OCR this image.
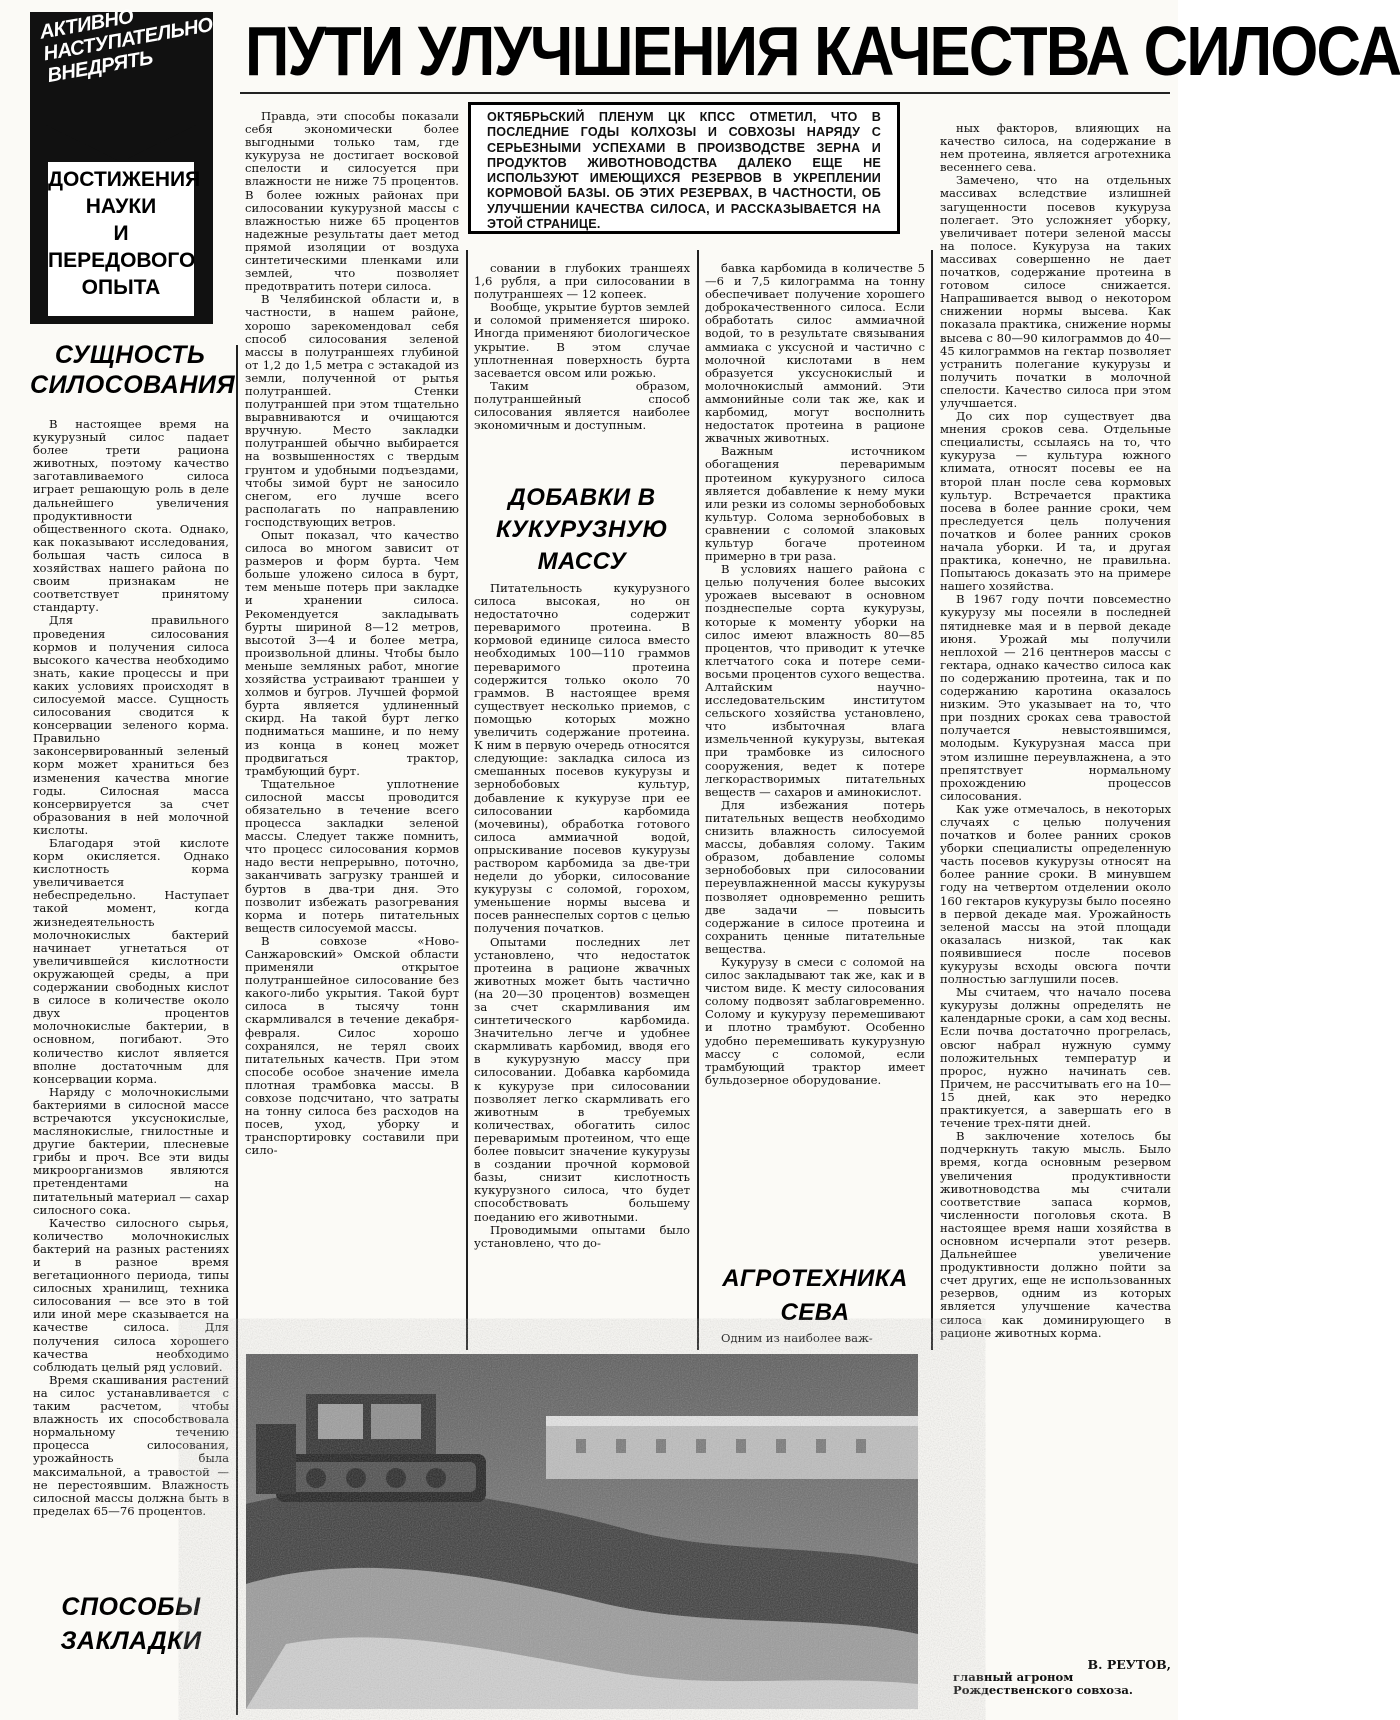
АКТИВНО НАСТУПАТЕЛЬНО ВНЕДРЯТЬ
ДОСТИЖЕНИЯ
НАУКИ
И
ПЕРЕДОВОГО
ОПЫТА
ПУТИ УЛУЧШЕНИЯ КАЧЕСТВА СИЛОСА
ОКТЯБРЬСКИЙ ПЛЕНУМ ЦК КПСС ОТМЕТИЛ, ЧТО В ПОСЛЕДНИЕ ГОДЫ КОЛХОЗЫ И СОВХОЗЫ НАРЯДУ С СЕРЬЕЗНЫМИ УСПЕХАМИ В ПРОИЗВОДСТВЕ ЗЕРНА И ПРОДУКТОВ ЖИВОТНОВОДСТВА ДАЛЕКО ЕЩЕ НЕ ИСПОЛЬЗУЮТ ИМЕЮЩИХСЯ РЕЗЕРВОВ В УКРЕПЛЕНИИ КОРМОВОЙ БАЗЫ. ОБ ЭТИХ РЕЗЕРВАХ, В ЧАСТНОСТИ, ОБ УЛУЧШЕНИИ КАЧЕСТВА СИЛОСА, И РАССКАЗЫВАЕТСЯ НА ЭТОЙ СТРАНИЦЕ.
СУЩНОСТЬ
СИЛОСОВАНИЯ

В настоящее время на кукурузный силос падает более трети рациона животных, поэтому качество заготавливаемого силоса играет решающую роль в деле дальнейшего увеличения продуктивности общественного скота. Однако, как показывают исследования, большая часть силоса в хозяйствах нашего района по своим признакам не соответствует принятому стандарту.

Для правильного проведения силосования кормов и получения силоса высокого качества необходимо знать, какие процессы и при каких условиях происходят в силосуемой массе. Сущность силосования сводится к консервации зеленого корма. Правильно законсервированный зеленый корм может храниться без изменения качества многие годы. Силосная масса консервируется за счет образования в ней молочной кислоты.

Благодаря этой кислоте корм окисляется. Однако кислотность корма увеличивается небеспредельно. Наступает такой момент, когда жизнедеятельность молочнокислых бактерий начинает угнетаться от увеличившейся кислотности окружающей среды, а при содержании свободных кислот в силосе в количестве около двух процентов молочнокислые бактерии, в основном, погибают. Это количество кислот является вполне достаточным для консервации корма.

Наряду с молочнокислыми бактериями в силосной массе встречаются уксуснокислые, маслянокислые, гнилостные и другие бактерии, плесневые грибы и проч. Все эти виды микроорганизмов являются претендентами на питательный материал — сахар силосного сока.

Качество силосного сырья, количество молочнокислых бактерий на разных растениях и в разное время вегетационного периода, типы силосных хранилищ, техника силосования — все это в той или иной мере сказывается на качестве силоса. Для получения силоса хорошего качества необходимо соблюдать целый ряд условий.

Время скашивания растений на силос устанавливается с таким расчетом, чтобы влажность их способствовала нормальному течению процесса силосования, урожайность была максимальной, а травостой — не перестоявшим. Влажность силосной массы должна быть в пределах 65—76 процентов.

СПОСОБЫ
ЗАКЛАДКИ

Правда, эти способы показали себя экономически более выгодными только там, где кукуруза не достигает восковой спелости и силосуется при влажности не ниже 75 процентов. В более южных районах при силосовании кукурузной массы с влажностью ниже 65 процентов надежные результаты дает метод прямой изоляции от воздуха синтетическими пленками или землей, что позволяет предотвратить потери силоса.

В Челябинской области и, в частности, в нашем районе, хорошо зарекомендовал себя способ силосования зеленой массы в полутраншеях глубиной от 1,2 до 1,5 метра с эстакадой из земли, полученной от рытья полутраншей. Стенки полутраншей при этом тщательно выравниваются и очищаются вручную. Место закладки полутраншей обычно выбирается на возвышенностях с твердым грунтом и удобными подъездами, чтобы зимой бурт не заносило снегом, его лучше всего располагать по направлению господствующих ветров.

Опыт показал, что качество силоса во многом зависит от размеров и форм бурта. Чем больше уложено силоса в бурт, тем меньше потерь при закладке и хранении силоса. Рекомендуется закладывать бурты шириной 8—12 метров, высотой 3—4 и более метра, произвольной длины. Чтобы было меньше земляных работ, многие хозяйства устраивают траншеи у холмов и бугров. Лучшей формой бурта является удлиненный скирд. На такой бурт легко подниматься машине, и по нему из конца в конец может продвигаться трактор, трамбующий бурт.

Тщательное уплотнение силосной массы проводится обязательно в течение всего процесса закладки зеленой массы. Следует также помнить, что процесс силосования кормов надо вести непрерывно, поточно, заканчивать загрузку траншей и буртов в два-три дня. Это позволит избежать разогревания корма и потерь питательных веществ силосуемой массы.

В совхозе «Ново-Санжаровский» Омской области применяли открытое полутраншейное силосование без какого-либо укрытия. Такой бурт силоса в тысячу тонн скармливался в течение декабря-февраля. Силос хорошо сохранялся, не терял своих питательных качеств. При этом способе особое значение имела плотная трамбовка массы. В совхозе подсчитано, что затраты на тонну силоса без расходов на посев, уход, уборку и транспортировку составили при сило-

совании в глубоких траншеях 1,6 рубля, а при силосовании в полутраншеях — 12 копеек.

Вообще, укрытие буртов землей и соломой применяется широко. Иногда применяют биологическое укрытие. В этом случае уплотненная поверхность бурта засевается овсом или рожью.

Таким образом, полутраншейный способ силосования является наиболее экономичным и доступным.

ДОБАВКИ В
КУКУРУЗНУЮ
МАССУ

Питательность кукурузного силоса высокая, но он недостаточно содержит переваримого протеина. В кормовой единице силоса вместо необходимых 100—110 граммов переваримого протеина содержится только около 70 граммов. В настоящее время существует несколько приемов, с помощью которых можно увеличить содержание протеина. К ним в первую очередь относятся следующие: закладка силоса из смешанных посевов кукурузы и зернобобовых культур, добавление к кукурузе при ее силосовании карбомида (мочевины), обработка готового силоса аммиачной водой, опрыскивание посевов кукурузы раствором карбомида за две-три недели до уборки, силосование кукурузы с соломой, горохом, уменьшение нормы высева и посев раннеспелых сортов с целью получения початков.

Опытами последних лет установлено, что недостаток протеина в рационе жвачных животных может быть частично (на 20—30 процентов) возмещен за счет скармливания им синтетического карбомида. Значительно легче и удобнее скармливать карбомид, вводя его в кукурузную массу при силосовании. Добавка карбомида к кукурузе при силосовании позволяет легко скармливать его животным в требуемых количествах, обогатить силос переваримым протеином, что еще более повысит значение кукурузы в создании прочной кормовой базы, снизит кислотность кукурузного силоса, что будет способствовать большему поеданию его животными.

Проводимыми опытами было установлено, что до-

бавка карбомида в количестве 5—6 и 7,5 килограмма на тонну обеспечивает получение хорошего доброкачественного силоса. Если обработать силос аммиачной водой, то в результате связывания аммиака с уксусной и частично с молочной кислотами в нем образуется уксуснокислый и молочнокислый аммоний. Эти аммонийные соли так же, как и карбомид, могут восполнить недостаток протеина в рационе жвачных животных.

Важным источником обогащения переваримым протеином кукурузного силоса является добавление к нему муки или резки из соломы зернобобовых культур. Солома зернобобовых в сравнении с соломой злаковых культур богаче протеином примерно в три раза.

В условиях нашего района с целью получения более высоких урожаев высевают в основном позднеспелые сорта кукурузы, которые к моменту уборки на силос имеют влажность 80—85 процентов, что приводит к утечке клетчатого сока и потере семи-восьми процентов сухого вещества. Алтайским научно-исследовательским институтом сельского хозяйства установлено, что избыточная влага измельченной кукурузы, вытекая при трамбовке из силосного сооружения, ведет к потере легкорастворимых питательных веществ — сахаров и аминокислот.

Для избежания потерь питательных веществ необходимо снизить влажность силосуемой массы, добавляя солому. Таким образом, добавление соломы зернобобовых при силосовании переувлажненной массы кукурузы позволяет одновременно решить две задачи — повысить содержание в силосе протеина и сохранить ценные питательные вещества.

Кукурузу в смеси с соломой на силос закладывают так же, как и в чистом виде. К месту силосования солому подвозят заблаговременно. Солому и кукурузу перемешивают и плотно трамбуют. Особенно удобно перемешивать кукурузную массу с соломой, если трамбующий трактор имеет бульдозерное оборудование.

АГРОТЕХНИКА
СЕВА

Одним из наиболее важ-

ных факторов, влияющих на качество силоса, на содержание в нем протеина, является агротехника весеннего сева.

Замечено, что на отдельных массивах вследствие излишней загущенности посевов кукуруза полегает. Это усложняет уборку, увеличивает потери зеленой массы на полосе. Кукуруза на таких массивах совершенно не дает початков, содержание протеина в готовом силосе снижается. Напрашивается вывод о некотором снижении нормы высева. Как показала практика, снижение нормы высева с 80—90 килограммов до 40—45 килограммов на гектар позволяет устранить полегание кукурузы и получить початки в молочной спелости. Качество силоса при этом улучшается.

До сих пор существует два мнения сроков сева. Отдельные специалисты, ссылаясь на то, что кукуруза — культура южного климата, относят посевы ее на второй план после сева кормовых культур. Встречается практика посева в более ранние сроки, чем преследуется цель получения початков и более ранних сроков начала уборки. И та, и другая практика, конечно, не правильна. Попытаюсь доказать это на примере нашего хозяйства.

В 1967 году почти повсеместно кукурузу мы посеяли в последней пятидневке мая и в первой декаде июня. Урожай мы получили неплохой — 216 центнеров массы с гектара, однако качество силоса как по содержанию протеина, так и по содержанию каротина оказалось низким. Это указывает на то, что при поздних сроках сева травостой получается невыстоявшимся, молодым. Кукурузная масса при этом излишне переувлажнена, а это препятствует нормальному прохождению процессов силосования.

Как уже отмечалось, в некоторых случаях с целью получения початков и более ранних сроков уборки специалисты определенную часть посевов кукурузы относят на более ранние сроки. В минувшем году на четвертом отделении около 160 гектаров кукурузы было посеяно в первой декаде мая. Урожайность зеленой массы на этой площади оказалась низкой, так как появившиеся после посевов кукурузы всходы овсюга почти полностью заглушили посев.

Мы считаем, что начало посева кукурузы должны определять не календарные сроки, а сам ход весны. Если почва достаточно прогрелась, овсюг набрал нужную сумму положительных температур и пророс, нужно начинать сев. Причем, не рассчитывать его на 10—15 дней, как это нередко практикуется, а завершать его в течение трех-пяти дней.

В заключение хотелось бы подчеркнуть такую мысль. Было время, когда основным резервом увеличения продуктивности животноводства мы считали соответствие запаса кормов, численности поголовья скота. В настоящее время наши хозяйства в основном исчерпали этот резерв. Дальнейшее увеличение продуктивности должно пойти за счет других, еще не использованных резервов, одним из которых является улучшение качества силоса как доминирующего в рационе животных корма.

В. РЕУТОВ,
главный агроном Рождественского совхоза.
